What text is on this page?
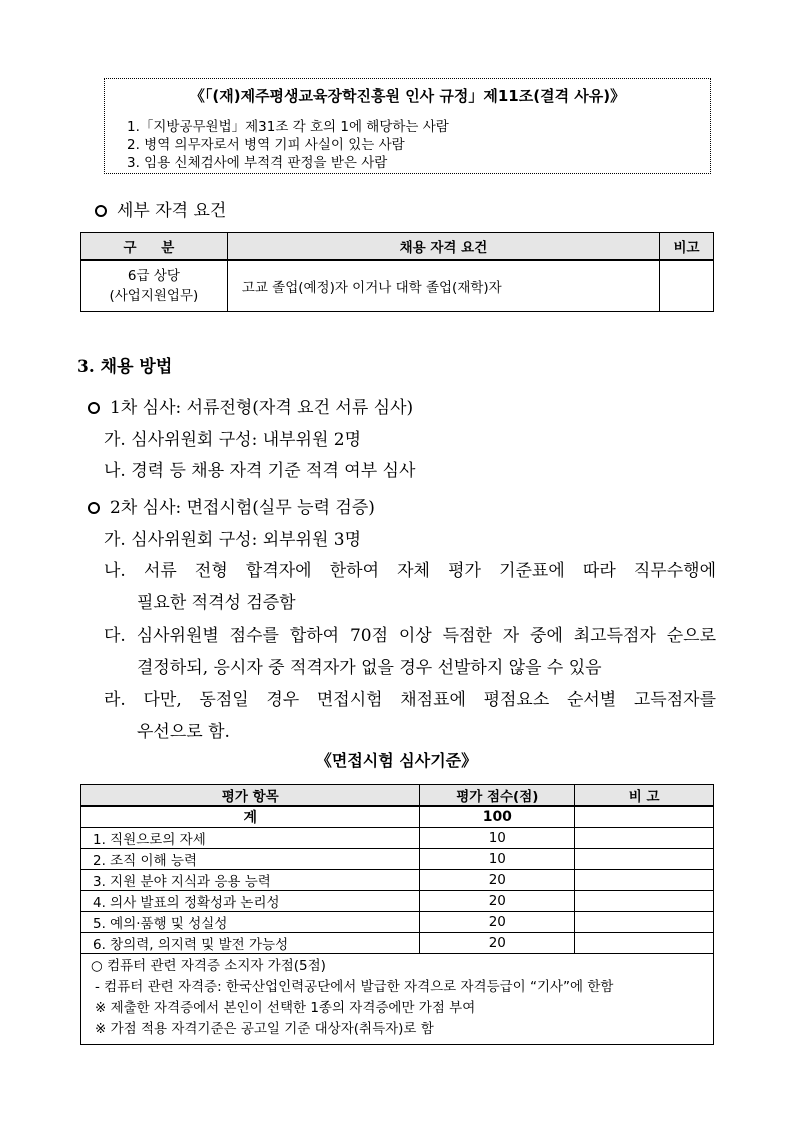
《「(재)제주평생교육장학진흥원 인사 규정」제11조(결격 사유)》
1.「지방공무원법」제31조 각 호의 1에 해당하는 사람
2. 병역 의무자로서 병역 기피 사실이 있는 사람
3. 임용 신체검사에 부적격 판정을 받은 사람
세부 자격 요건
구 분	채용 자격 요건	비고

6급 상당
(사업지원업무)	고교 졸업(예정)자 이거나 대학 졸업(재학)자	
3. 채용 방법
1차 심사: 서류전형(자격 요건 서류 심사)
가. 심사위원회 구성: 내부위원 2명
나. 경력 등 채용 자격 기준 적격 여부 심사
2차 심사: 면접시험(실무 능력 검증)
가. 심사위원회 구성: 외부위원 3명
나. 서류 전형 합격자에 한하여 자체 평가 기준표에 따라 직무수행에
필요한 적격성 검증함
다. 심사위원별 점수를 합하여 70점 이상 득점한 자 중에 최고득점자 순으로
결정하되, 응시자 중 적격자가 없을 경우 선발하지 않을 수 있음
라. 다만, 동점일 경우 면접시험 채점표에 평점요소 순서별 고득점자를
우선으로 함.
《면접시험 심사기준》
평가 항목	평가 점수(점)	비 고
계	100	
1. 직원으로의 자세	10	
2. 조직 이해 능력	10	
3. 지원 분야 지식과 응용 능력	20	
4. 의사 발표의 정확성과 논리성	20	
5. 예의·품행 및 성실성	20	
6. 창의력, 의지력 및 발전 가능성	20	

○ 컴퓨터 관련 자격증 소지자 가점(5점)
- 컴퓨터 관련 자격증: 한국산업인력공단에서 발급한 자격으로 자격등급이 “기사”에 한함
※ 제출한 자격증에서 본인이 선택한 1종의 자격증에만 가점 부여
※ 가점 적용 자격기준은 공고일 기준 대상자(취득자)로 함		
